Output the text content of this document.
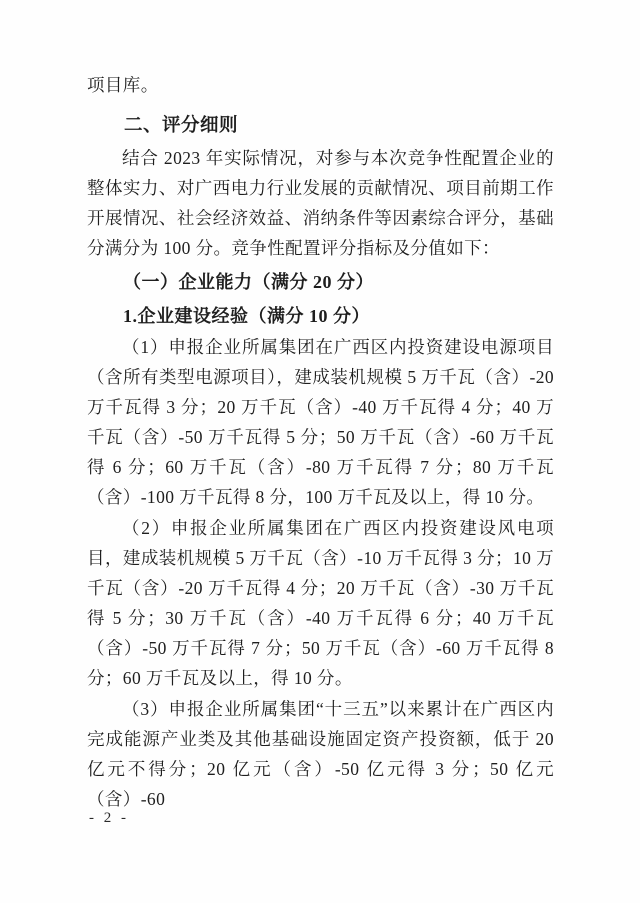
项目库。

二、评分细则

结合 2023 年实际情况，对参与本次竞争性配置企业的整体实力、对广西电力行业发展的贡献情况、项目前期工作开展情况、社会经济效益、消纳条件等因素综合评分，基础分满分为 100 分。竞争性配置评分指标及分值如下：

（一）企业能力（满分 20 分）
1.企业建设经验（满分 10 分）

（1）申报企业所属集团在广西区内投资建设电源项目（含所有类型电源项目），建成装机规模 5 万千瓦（含）-20 万千瓦得 3 分；20 万千瓦（含）-40 万千瓦得 4 分；40 万千瓦（含）-50 万千瓦得 5 分；50 万千瓦（含）-60 万千瓦得 6 分；60 万千瓦（含）-80 万千瓦得 7 分；80 万千瓦（含）-100 万千瓦得 8 分，100 万千瓦及以上，得 10 分。

（2）申报企业所属集团在广西区内投资建设风电项目，建成装机规模 5 万千瓦（含）-10 万千瓦得 3 分；10 万千瓦（含）-20 万千瓦得 4 分；20 万千瓦（含）-30 万千瓦得 5 分；30 万千瓦（含）-40 万千瓦得 6 分；40 万千瓦（含）-50 万千瓦得 7 分；50 万千瓦（含）-60 万千瓦得 8 分；60 万千瓦及以上，得 10 分。

（3）申报企业所属集团“十三五”以来累计在广西区内完成能源产业类及其他基础设施固定资产投资额，低于 20 亿元不得分；20 亿元（含）-50 亿元得 3 分；50 亿元（含）-60

- 2 -
